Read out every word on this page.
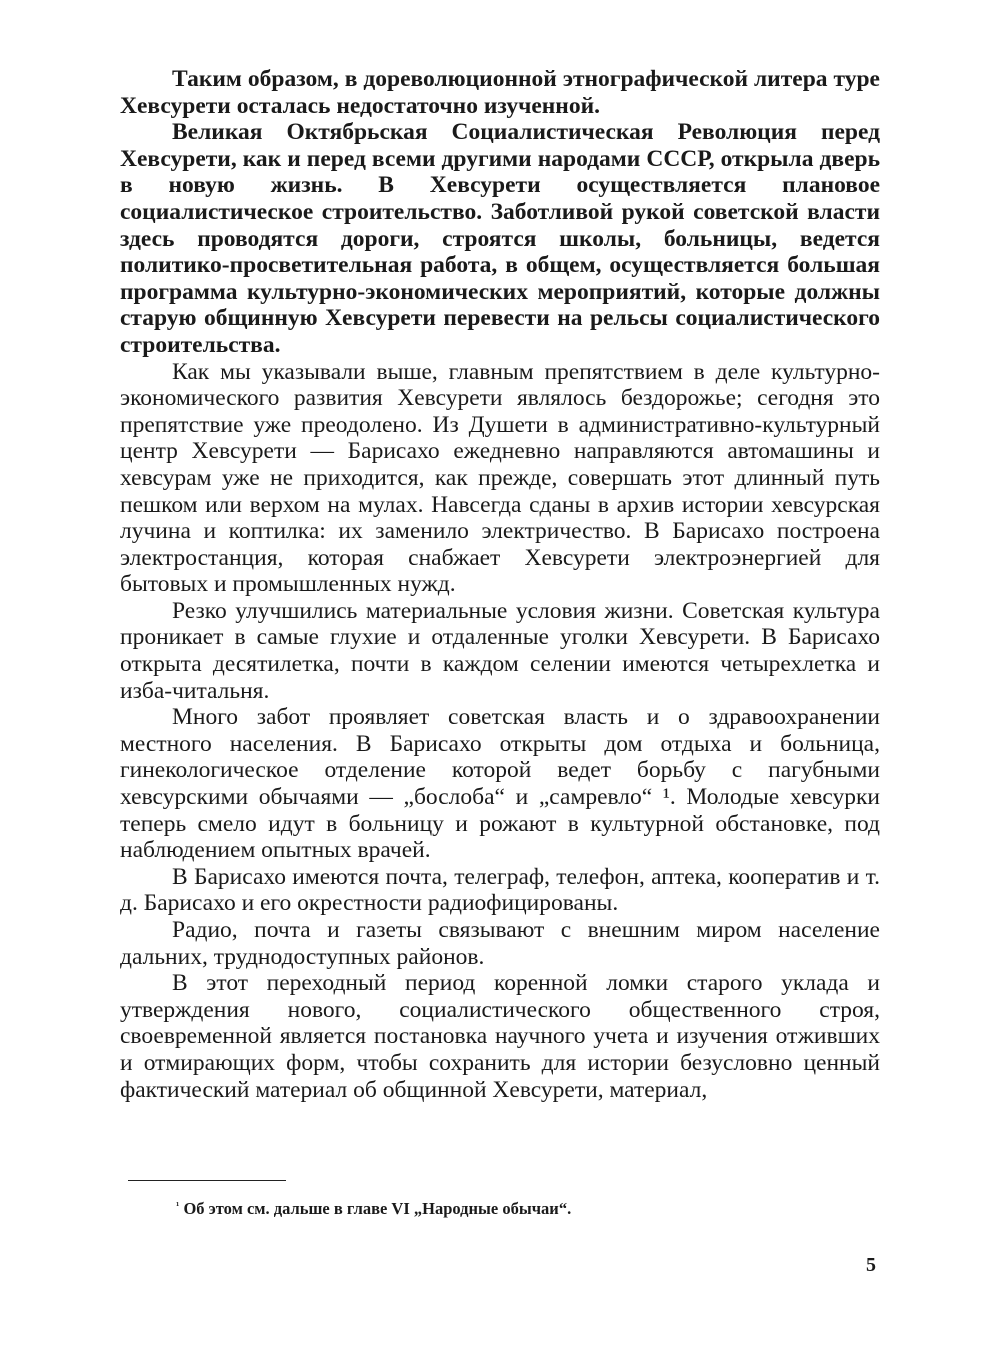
Таким образом, в дореволюционной этнографической литера туре Хевсурети осталась недостаточно изученной.

Великая Октябрьская Социалистическая Революция перед Хевсурети, как и перед всеми другими народами СССР, открыла дверь в новую жизнь. В Хевсурети осуществляется плановое социалистическое строительство. Заботливой рукой советской власти здесь проводятся дороги, строятся школы, больницы, ведется политико-просветительная работа, в общем, осуществляется большая программа культурно-экономических мероприятий, которые должны старую общинную Хевсурети перевести на рельсы социалистического строительства.

Как мы указывали выше, главным препятствием в деле культурно-экономического развития Хевсурети являлось бездорожье; сегодня это препятствие уже преодолено. Из Душети в административно-культурный центр Хевсурети — Барисахо ежедневно направляются автомашины и хевсурам уже не приходится, как прежде, совершать этот длинный путь пешком или верхом на мулах. Навсегда сданы в архив истории хевсурская лучина и коптилка: их заменило электричество. В Барисахо построена электростанция, которая снабжает Хевсурети электроэнергией для бытовых и промышленных нужд.

Резко улучшились материальные условия жизни. Советская культура проникает в самые глухие и отдаленные уголки Хевсурети. В Барисахо открыта десятилетка, почти в каждом селении имеются четырехлетка и изба-читальня.

Много забот проявляет советская власть и о здравоохранении местного населения. В Барисахо открыты дом отдыха и больница, гинекологическое отделение которой ведет борьбу с пагубными хевсурскими обычаями — „бослоба“ и „самревло“ ¹. Молодые хевсурки теперь смело идут в больницу и рожают в культурной обстановке, под наблюдением опытных врачей.

В Барисахо имеются почта, телеграф, телефон, аптека, кооператив и т. д. Барисахо и его окрестности радиофицированы.

Радио, почта и газеты связывают с внешним миром население дальних, труднодоступных районов.

В этот переходный период коренной ломки старого уклада и утверждения нового, социалистического общественного строя, своевременной является постановка научного учета и изучения отживших и отмирающих форм, чтобы сохранить для истории безусловно ценный фактический материал об общинной Хевсурети, материал,

$^{^1}$ Об этом см. дальше в главе VI „Народные обычаи“.
5
